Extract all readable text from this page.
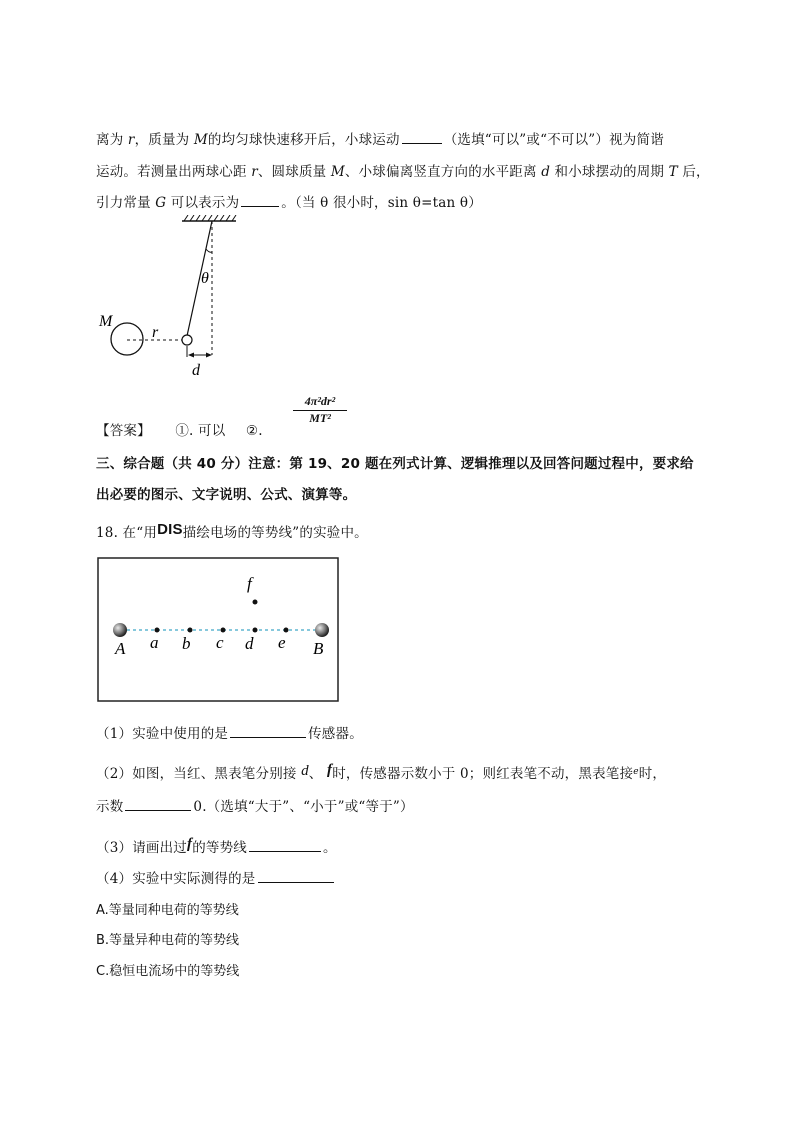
离为 r，质量为 M的均匀球快速移开后，小球运动	（选填“可以”或“不可以”）视为简谐
运动。若测量出两球心距 r、圆球质量 M、小球偏离竖直方向的水平距离 d 和小球摆动的周期 T 后，
引力常量 G 可以表示为	。（当 θ 很小时，sin θ=tan θ）
θ
M
r
d
【答案】 ①. 可以 ②.
$\frac{\text{4π²dr²}}{\text{MT²}}$
三、综合题（共 40 分）注意：第 19、20 题在列式计算、逻辑推理以及回答问题过程中，要求给
出必要的图示、文字说明、公式、演算等。
18. 在“用DIS描绘电场的等势线”的实验中。
f
A a b c d e B
（1）实验中使用的是	传感器。
（2）如图，当红、黑表笔分别接 d、 f时，传感器示数小于 0；则红表笔不动，黑表笔接$^e$时，
示数	0.（选填“大于”、“小于”或“等于”）
（3）请画出过f的等势线	。
（4）实验中实际测得的是
A.等量同种电荷的等势线
B.等量异种电荷的等势线
C.稳恒电流场中的等势线
